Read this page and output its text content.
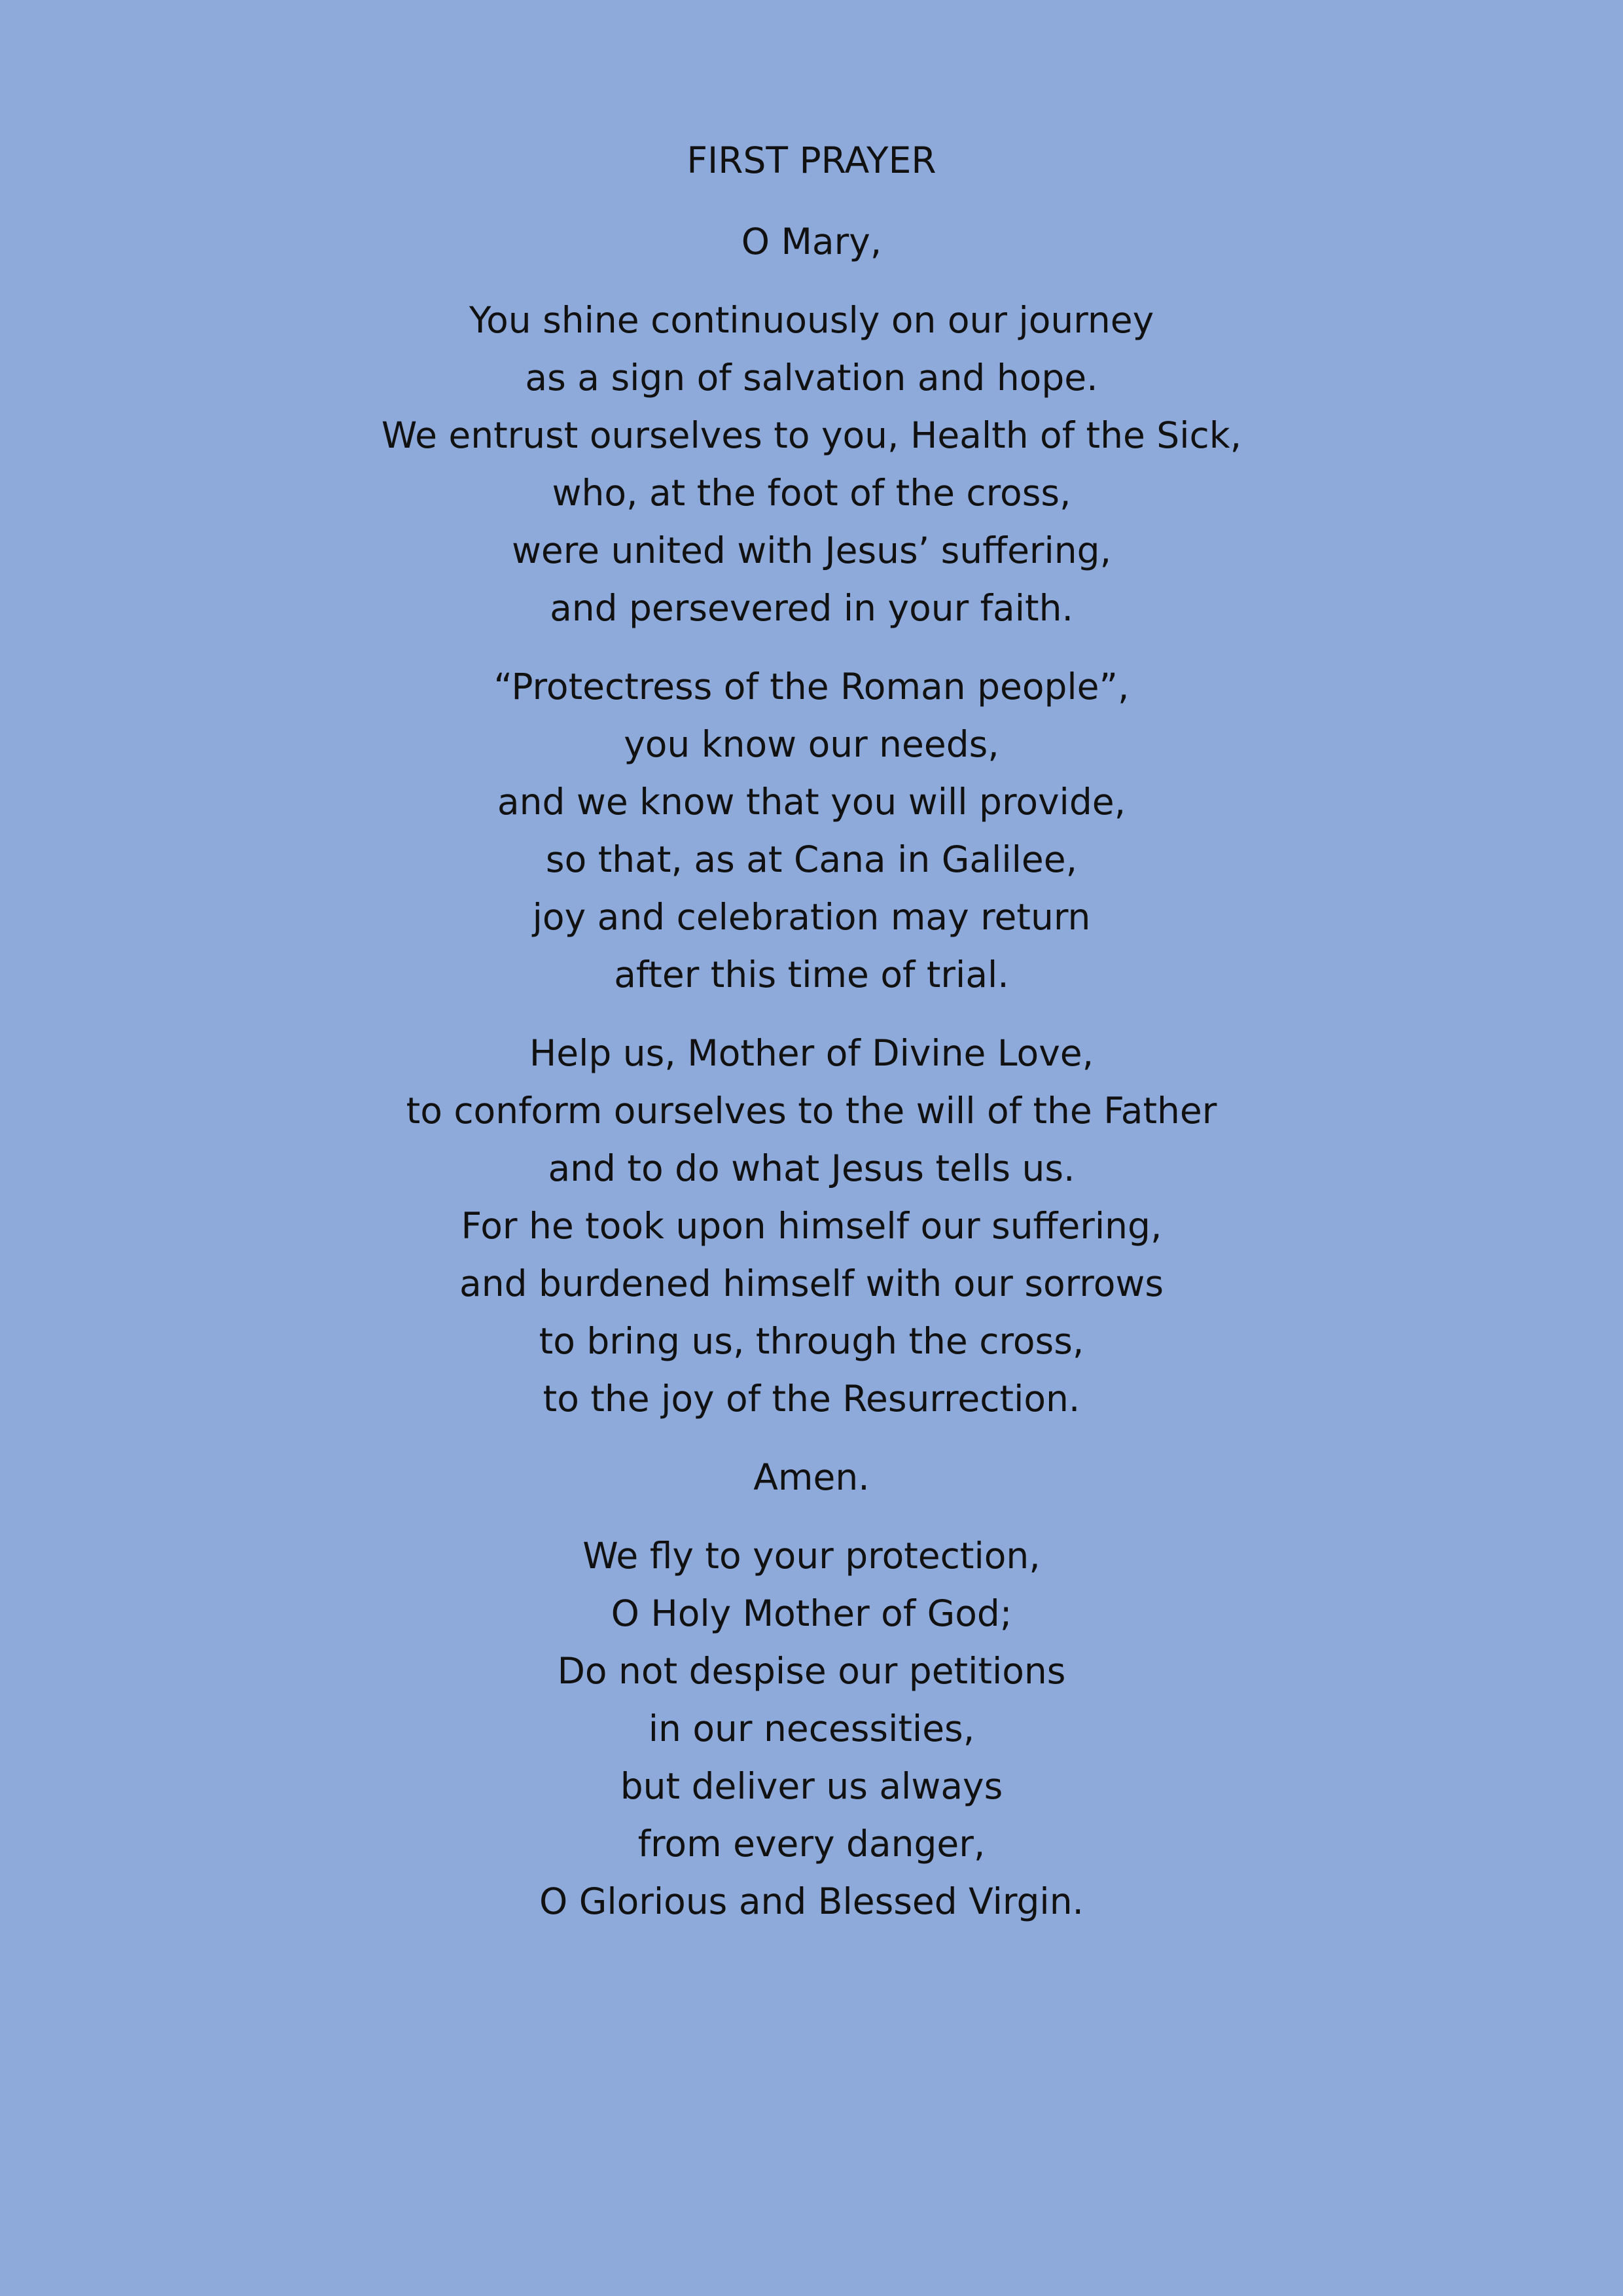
FIRST PRAYER
O Mary,
You shine continuously on our journey
as a sign of salvation and hope.
We entrust ourselves to you, Health of the Sick,
who, at the foot of the cross,
were united with Jesus’ suffering,
and persevered in your faith.
“Protectress of the Roman people”,
you know our needs,
and we know that you will provide,
so that, as at Cana in Galilee,
joy and celebration may return
after this time of trial.
Help us, Mother of Divine Love,
to conform ourselves to the will of the Father
and to do what Jesus tells us.
For he took upon himself our suffering,
and burdened himself with our sorrows
to bring us, through the cross,
to the joy of the Resurrection.
Amen.
We fly to your protection,
O Holy Mother of God;
Do not despise our petitions
in our necessities,
but deliver us always
from every danger,
O Glorious and Blessed Virgin.
